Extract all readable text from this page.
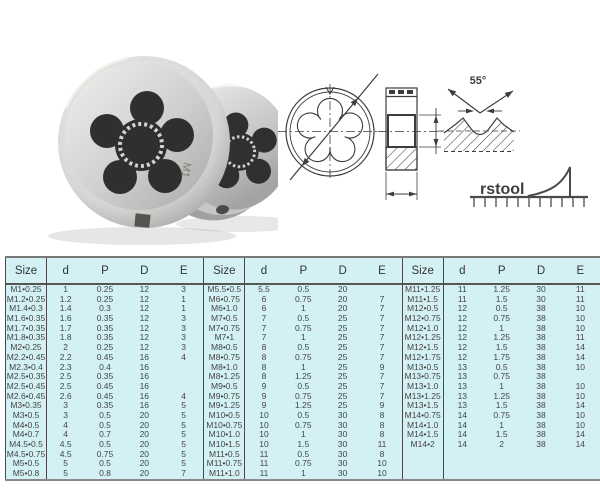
M1
55°
rstool
Size	d	P	D	E
M1•0.25	1	0.25	12	3
M1.2•0.25	1.2	0.25	12	1
M1.4•0.3	1.4	0.3	12	1
M1.6•0.35	1.6	0.35	12	3
M1.7•0.35	1.7	0.35	12	3
M1.8•0.35	1.8	0.35	12	3
M2•0.25	2	0.25	12	3
M2.2•0.45	2.2	0.45	16	4
M2.3•0.4	2.3	0.4	16
M2.5•0.35	2.5	0.35	16
M2.5•0.45	2.5	0.45	16
M2.6•0.45	2.6	0.45	16	4
M3•0.35	3	0.35	16	5
M3•0.5	3	0.5	20	5
M4•0.5	4	0.5	20	5
M4•0.7	4	0.7	20	5
M4.5•0.5	4.5	0.5	20	5
M4.5•0.75	4.5	0.75	20	5
M5•0.5	5	0.5	20	5
M5•0.8	5	0.8	20	7
Size	d	P	D	E
M5.5•0.5	5.5	0.5	20
M6•0.75	6	0.75	20	7
M6•1.0	6	1	20	7
M7•0.5	7	0.5	25	7
M7•0.75	7	0.75	25	7
M7•1	7	1	25	7
M8•0.5	8	0.5	25	7
M8•0.75	8	0.75	25	7
M8•1.0	8	1	25	9
M8•1.25	8	1.25	25	7
M9•0.5	9	0.5	25	7
M9•0.75	9	0.75	25	7
M9•1.25	9	1.25	25	9
M10•0.5	10	0.5	30	8
M10•0.75	10	0.75	30	8
M10•1.0	10	1	30	8
M10•1.5	10	1.5	30	11
M11•0.5	11	0.5	30	8
M11•0.75	11	0.75	30	10
M11•1.0	11	1	30	10
Size	d	P	D	E
M11•1.25	11	1.25	30	11
M11•1.5	11	1.5	30	11
M12•0.5	12	0.5	38	10
M12•0.75	12	0.75	38	10
M12•1.0	12	1	38	10
M12•1.25	12	1.25	38	11
M12•1.5	12	1.5	38	14
M12•1.75	12	1.75	38	14
M13•0.5	13	0.5	38	10
M13•0.75	13	0.75	38
M13•1.0	13	1	38	10
M13•1.25	13	1.25	38	10
M13•1.5	13	1.5	38	14
M14•0.75	14	0.75	38	10
M14•1.0	14	1	38	10
M14•1.5	14	1.5	38	14
M14•2	14	2	38	14
